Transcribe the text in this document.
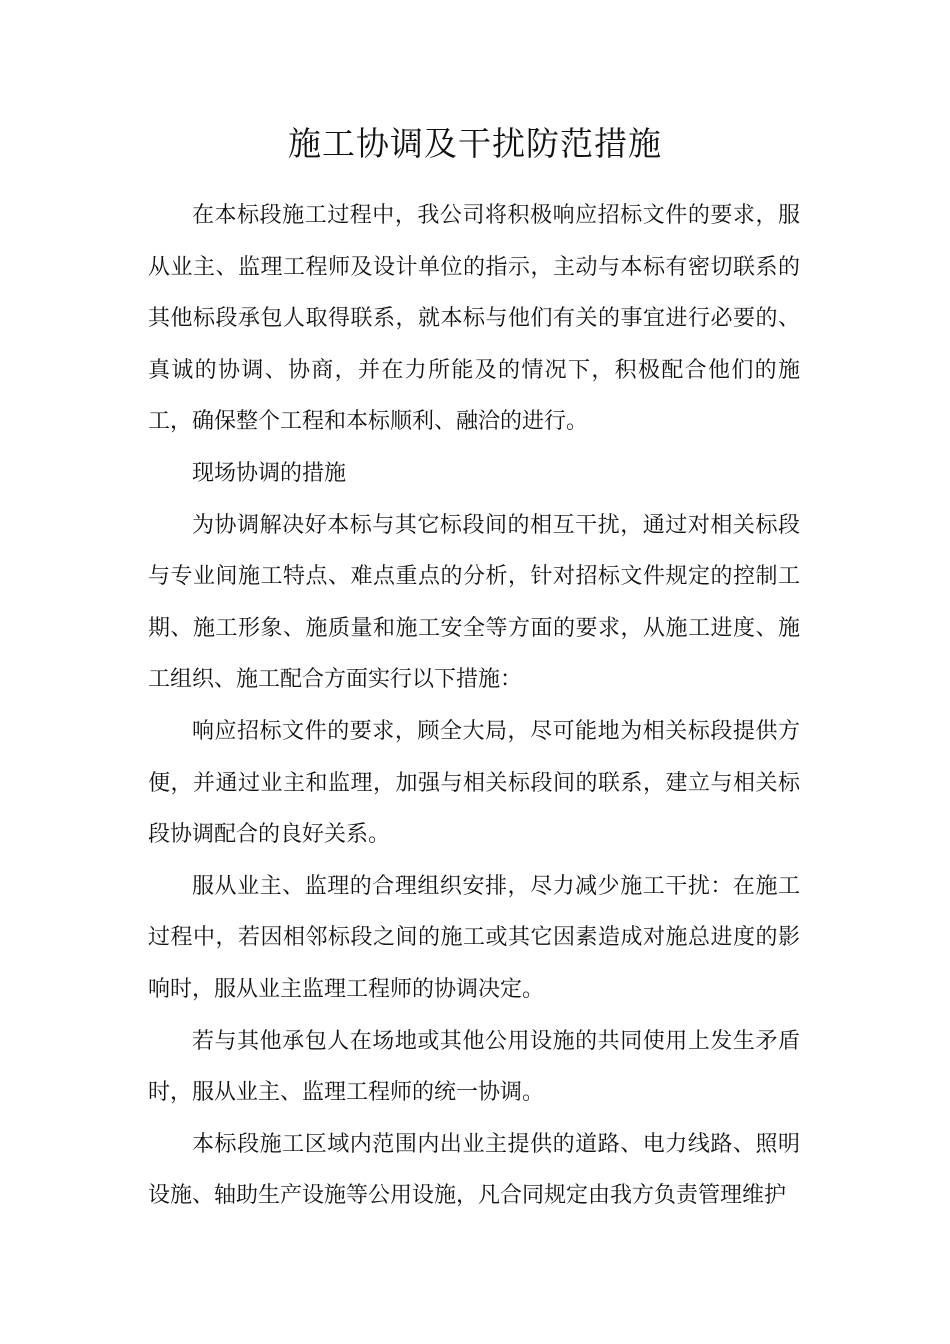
施工协调及干扰防范措施

在本标段施工过程中，我公司将积极响应招标文件的要求，服从业主、监理工程师及设计单位的指示，主动与本标有密切联系的其他标段承包人取得联系，就本标与他们有关的事宜进行必要的、真诚的协调、协商，并在力所能及的情况下，积极配合他们的施工，确保整个工程和本标顺利、融洽的进行。

现场协调的措施

为协调解决好本标与其它标段间的相互干扰，通过对相关标段与专业间施工特点、难点重点的分析，针对招标文件规定的控制工期、施工形象、施质量和施工安全等方面的要求，从施工进度、施工组织、施工配合方面实行以下措施：

响应招标文件的要求，顾全大局，尽可能地为相关标段提供方便，并通过业主和监理，加强与相关标段间的联系，建立与相关标段协调配合的良好关系。

服从业主、监理的合理组织安排，尽力减少施工干扰：在施工过程中，若因相邻标段之间的施工或其它因素造成对施总进度的影响时，服从业主监理工程师的协调决定。

若与其他承包人在场地或其他公用设施的共同使用上发生矛盾时，服从业主、监理工程师的统一协调。

本标段施工区域内范围内出业主提供的道路、电力线路、照明设施、轴助生产设施等公用设施，凡合同规定由我方负责管理维护
